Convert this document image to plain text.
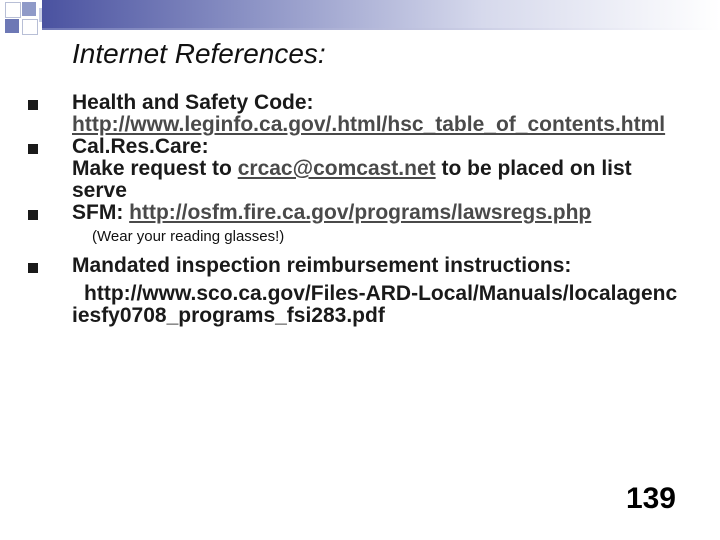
Internet References:
Health and Safety Code:
http://www.leginfo.ca.gov/.html/hsc_table_of_contents.html
Cal.Res.Care:
Make request to crcac@comcast.net to be placed on list serve
SFM: http://osfm.fire.ca.gov/programs/lawsregs.php
(Wear your reading glasses!)
Mandated inspection reimbursement instructions:
http://www.sco.ca.gov/Files-ARD-Local/Manuals/localagenciesfy0708_programs_fsi283.pdf
139
